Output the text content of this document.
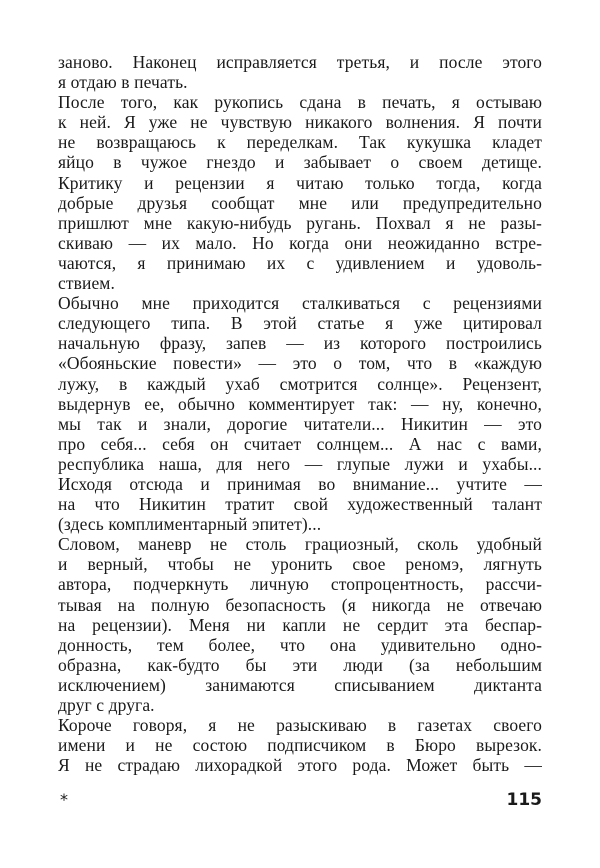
заново. Наконец исправляется третья, и после этого
я отдаю в печать.
После того, как рукопись сдана в печать, я остываю
к ней. Я уже не чувствую никакого волнения. Я почти
не возвращаюсь к переделкам. Так кукушка кладет
яйцо в чужое гнездо и забывает о своем детище.
Критику и рецензии я читаю только тогда, когда
добрые друзья сообщат мне или предупредительно
пришлют мне какую-нибудь ругань. Похвал я не разы-
скиваю — их мало. Но когда они неожиданно встре-
чаются, я принимаю их с удивлением и удоволь-
ствием.
Обычно мне приходится сталкиваться с рецензиями
следующего типа. В этой статье я уже цитировал
начальную фразу, запев — из которого построились
«Обояньские повести» — это о том, что в «каждую
лужу, в каждый ухаб смотрится солнце». Рецензент,
выдернув ее, обычно комментирует так: — ну, конечно,
мы так и знали, дорогие читатели... Никитин — это
про себя... себя он считает солнцем... А нас с вами,
республика наша, для него — глупые лужи и ухабы...
Исходя отсюда и принимая во внимание... учтите —
на что Никитин тратит свой художественный талант
(здесь комплиментарный эпитет)...
Словом, маневр не столь грациозный, сколь удобный
и верный, чтобы не уронить свое реномэ, лягнуть
автора, подчеркнуть личную стопроцентность, рассчи-
тывая на полную безопасность (я никогда не отвечаю
на рецензии). Меня ни капли не сердит эта беспар-
донность, тем более, что она удивительно одно-
образна, как-будто бы эти люди (за небольшим
исключением) занимаются списыванием диктанта
друг с друга.
Короче говоря, я не разыскиваю в газетах своего
имени и не состою подписчиком в Бюро вырезок.
Я не страдаю лихорадкой этого рода. Может быть —
*	115
